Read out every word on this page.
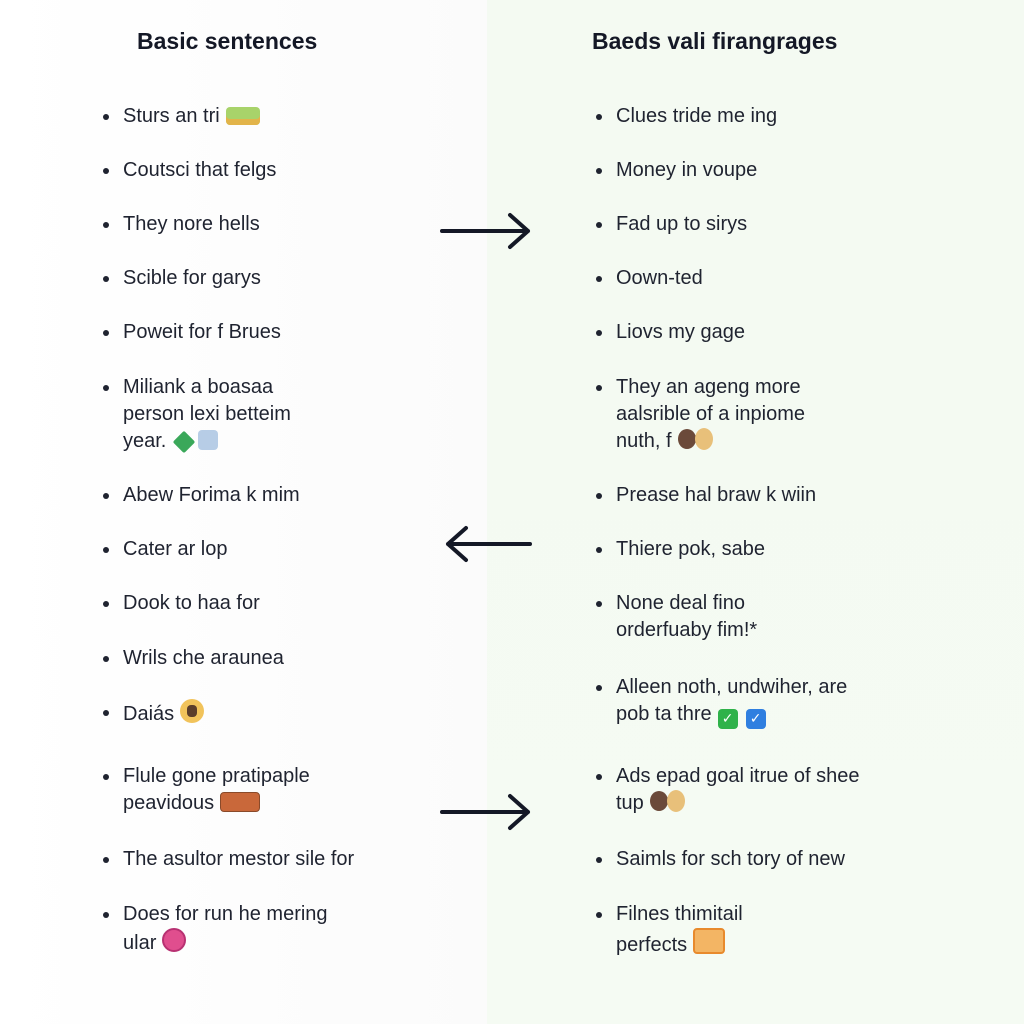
Basic sentences	Baeds vali firangrages
Sturs an tri
Coutsci that felgs
They nore hells
Scible for garys
Poweit for f Brues
Miliank a boasaa person lexi betteim year.
Abew Forima k mim
Cater ar lop
Dook to haa for
Wrils che araunea
Daiás
Flule gone pratipaple peavidous
The asultor mestor sile for
Does for run he mering ular
Clues tride me ing
Money in voupe
Fad up to sirys
Oown-ted
Liovs my gage
They an ageng more aalsrible of a inpiome nuth, f
Prease hal braw k wiin
Thiere pok, sabe
None deal fino orderfuaby fim!*
Alleen noth, undwiher, are pob ta thre ✓ ✓
Ads epad goal itrue of shee tup
Saimls for sch tory of new
Filnes thimitail perfects
